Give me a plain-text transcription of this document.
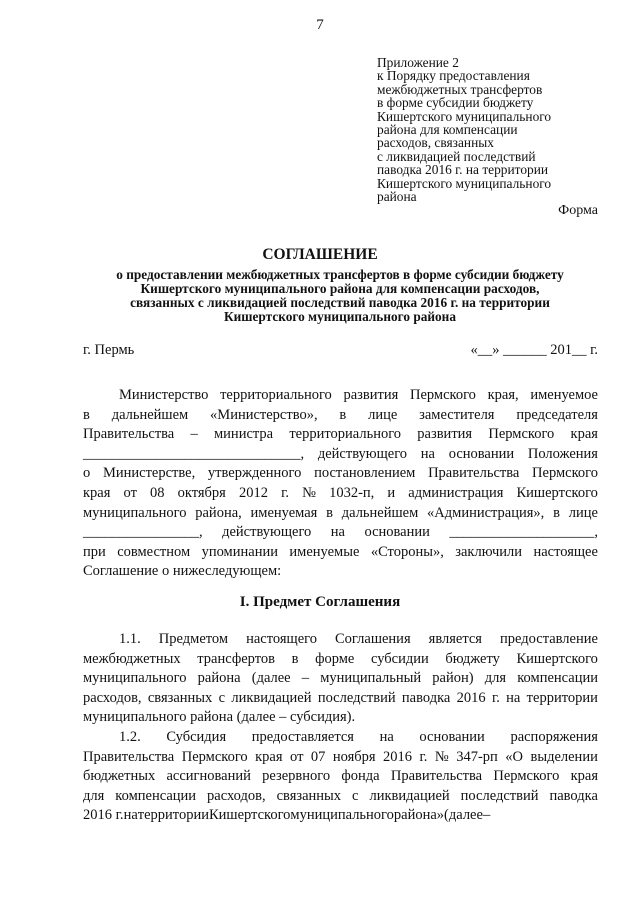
7
Приложение 2
к Порядку предоставления
межбюджетных трансфертов
в форме субсидии бюджету
Кишертского муниципального
района для компенсации
расходов, связанных
с ликвидацией последствий
паводка 2016 г. на территории
Кишертского муниципального
района
Форма
СОГЛАШЕНИЕ
о предоставлении межбюджетных трансфертов в форме субсидии бюджету
Кишертского муниципального района для компенсации расходов,
связанных с ликвидацией последствий паводка 2016 г. на территории
Кишертского муниципального района
г. Пермь	«__» ______ 201__ г.
Министерство территориального развития Пермского края, именуемое
в дальнейшем «Министерство», в лице заместителя председателя
Правительства – министра территориального развития Пермского края
______________________________, действующего на основании Положения
о Министерстве, утвержденного постановлением Правительства Пермского
края от 08 октября 2012 г. № 1032-п, и администрация Кишертского
муниципального района, именуемая в дальнейшем «Администрация», в лице
________________, действующего на основании ____________________,
при совместном упоминании именуемые «Стороны», заключили настоящее
Соглашение о нижеследующем:
I. Предмет Соглашения
1.1. Предметом настоящего Соглашения является предоставление
межбюджетных трансфертов в форме субсидии бюджету Кишертского
муниципального района (далее – муниципальный район) для компенсации
расходов, связанных с ликвидацией последствий паводка 2016 г. на территории
муниципального района (далее – субсидия).
1.2. Субсидия предоставляется на основании распоряжения
Правительства Пермского края от 07 ноября 2016 г. № 347-рп «О выделении
бюджетных ассигнований резервного фонда Правительства Пермского края
для компенсации расходов, связанных с ликвидацией последствий паводка
2016 г. на территории Кишертского муниципального района» (далее –
